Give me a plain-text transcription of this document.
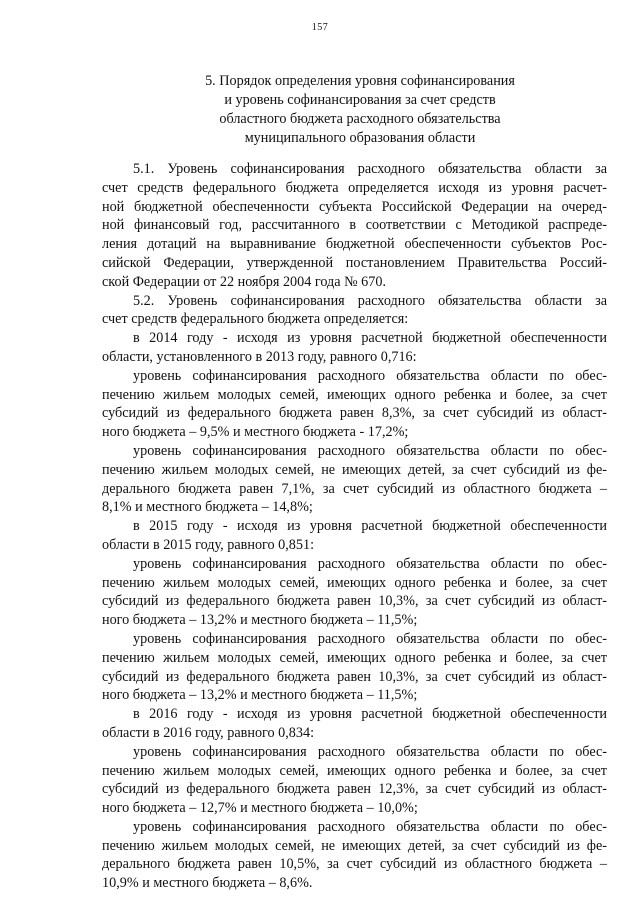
157
5. Порядок определения уровня софинансирования
и уровень софинансирования за счет средств
областного бюджета расходного обязательства
муниципального образования области
5.1. Уровень софинансирования расходного обязательства области за
счет средств федерального бюджета определяется исходя из уровня расчет-
ной бюджетной обеспеченности субъекта Российской Федерации на очеред-
ной финансовый год, рассчитанного в соответствии с Методикой распреде-
ления дотаций на выравнивание бюджетной обеспеченности субъектов Рос-
сийской Федерации, утвержденной постановлением Правительства Россий-
ской Федерации от 22 ноября 2004 года № 670.
5.2. Уровень софинансирования расходного обязательства области за
счет средств федерального бюджета определяется:
в 2014 году - исходя из уровня расчетной бюджетной обеспеченности
области, установленного в 2013 году, равного 0,716:
уровень софинансирования расходного обязательства области по обес-
печению жильем молодых семей, имеющих одного ребенка и более, за счет
субсидий из федерального бюджета равен 8,3%, за счет субсидий из област-
ного бюджета – 9,5% и местного бюджета - 17,2%;
уровень софинансирования расходного обязательства области по обес-
печению жильем молодых семей, не имеющих детей, за счет субсидий из фе-
дерального бюджета равен 7,1%, за счет субсидий из областного бюджета –
8,1% и местного бюджета – 14,8%;
в 2015 году - исходя из уровня расчетной бюджетной обеспеченности
области в 2015 году, равного 0,851:
уровень софинансирования расходного обязательства области по обес-
печению жильем молодых семей, имеющих одного ребенка и более, за счет
субсидий из федерального бюджета равен 10,3%, за счет субсидий из област-
ного бюджета – 13,2% и местного бюджета – 11,5%;
уровень софинансирования расходного обязательства области по обес-
печению жильем молодых семей, имеющих одного ребенка и более, за счет
субсидий из федерального бюджета равен 10,3%, за счет субсидий из област-
ного бюджета – 13,2% и местного бюджета – 11,5%;
в 2016 году - исходя из уровня расчетной бюджетной обеспеченности
области в 2016 году, равного 0,834:
уровень софинансирования расходного обязательства области по обес-
печению жильем молодых семей, имеющих одного ребенка и более, за счет
субсидий из федерального бюджета равен 12,3%, за счет субсидий из област-
ного бюджета – 12,7% и местного бюджета – 10,0%;
уровень софинансирования расходного обязательства области по обес-
печению жильем молодых семей, не имеющих детей, за счет субсидий из фе-
дерального бюджета равен 10,5%, за счет субсидий из областного бюджета –
10,9% и местного бюджета – 8,6%.
